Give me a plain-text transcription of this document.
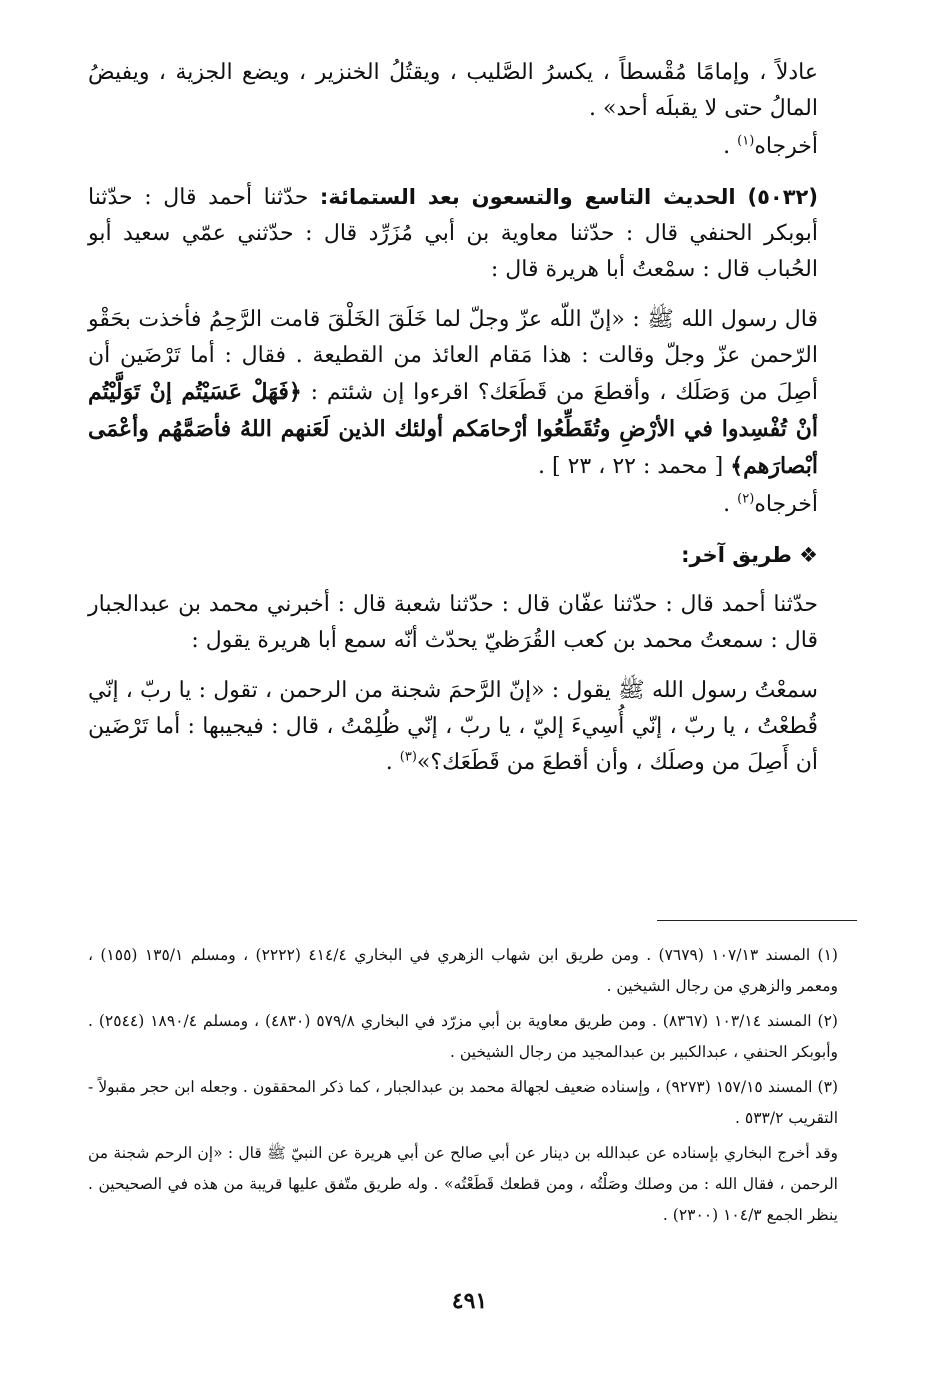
عادلاً ، وإمامًا مُقْسطاً ، يكسرُ الصَّليب ، ويقتُلُ الخنزير ، ويضع الجزية ، ويفيضُ المالُ حتى لا يقبلَه أحد» .

أخرجاه$^{(١)}$ .

(٥٠٣٢) الحديث التاسع والتسعون بعد الستمائة: حدّثنا أحمد قال : حدّثنا أبوبكر الحنفي قال : حدّثنا معاوية بن أبي مُزَرِّد قال : حدّثني عمّي سعيد أبو الحُباب قال : سمْعتُ أبا هريرة قال :

قال رسول الله ﷺ : «إنّ اللّه عزّ وجلّ لما خَلَقَ الخَلْقَ قامت الرَّحِمُ فأخذت بحَقْو الرّحمن عزّ وجلّ وقالت : هذا مَقام العائذ من القطيعة . فقال : أما تَرْضَين أن أصِلَ من وَصَلَك ، وأقطعَ من قَطَعَك؟ اقرءوا إن شئتم : ﴿فَهَلْ عَسَيْتُم إنْ تَوَلَّيْتُم أنْ تُفْسِدوا في الأرْضِ وتُقَطِّعُوا أرْحامَكم أولئك الذين لَعَنهم اللهُ فأصَمَّهُم وأعْمَى أبْصارَهم﴾ [ محمد : ٢٢ ، ٢٣ ] .

أخرجاه$^{(٢)}$ .

❖ طريق آخر:

حدّثنا أحمد قال : حدّثنا عفّان قال : حدّثنا شعبة قال : أخبرني محمد بن عبدالجبار قال : سمعتُ محمد بن كعب القُرَظيّ يحدّث أنّه سمع أبا هريرة يقول :

سمعْتُ رسول الله ﷺ يقول : «إنّ الرَّحمَ شجنة من الرحمن ، تقول : يا ربّ ، إنّي قُطعْتُ ، يا ربّ ، إنّي أُسِيءَ إليّ ، يا ربّ ، إنّي ظُلِمْتُ ، قال : فيجيبها : أما تَرْضَين أن أَصِلَ من وصلَك ، وأن أقطعَ من قَطَعَك؟»$^{(٣)}$ .

(١) المسند ١٠٧/١٣ (٧٦٧٩) . ومن طريق ابن شهاب الزهري في البخاري ٤١٤/٤ (٢٢٢٢) ، ومسلم ١٣٥/١ (١٥٥) ، ومعمر والزهري من رجال الشيخين .

(٢) المسند ١٠٣/١٤ (٨٣٦٧) . ومن طريق معاوية بن أبي مزرّد في البخاري ٥٧٩/٨ (٤٨٣٠) ، ومسلم ١٨٩٠/٤ (٢٥٤٤) . وأبوبكر الحنفي ، عبدالكبير بن عبدالمجيد من رجال الشيخين .

(٣) المسند ١٥٧/١٥ (٩٢٧٣) ، وإسناده ضعيف لجهالة محمد بن عبدالجبار ، كما ذكر المحققون . وجعله ابن حجر مقبولاً - التقريب ٥٣٣/٢ .

وقد أخرج البخاري بإسناده عن عبدالله بن دينار عن أبي صالح عن أبي هريرة عن النبيّ ﷺ قال : «إن الرحم شجنة من الرحمن ، فقال الله : من وصلك وصَلْتُه ، ومن قطعك قَطَعْتُه» . وله طريق متّفق عليها قريبة من هذه في الصحيحين . ينظر الجمع ١٠٤/٣ (٢٣٠٠) .

٤٩١
